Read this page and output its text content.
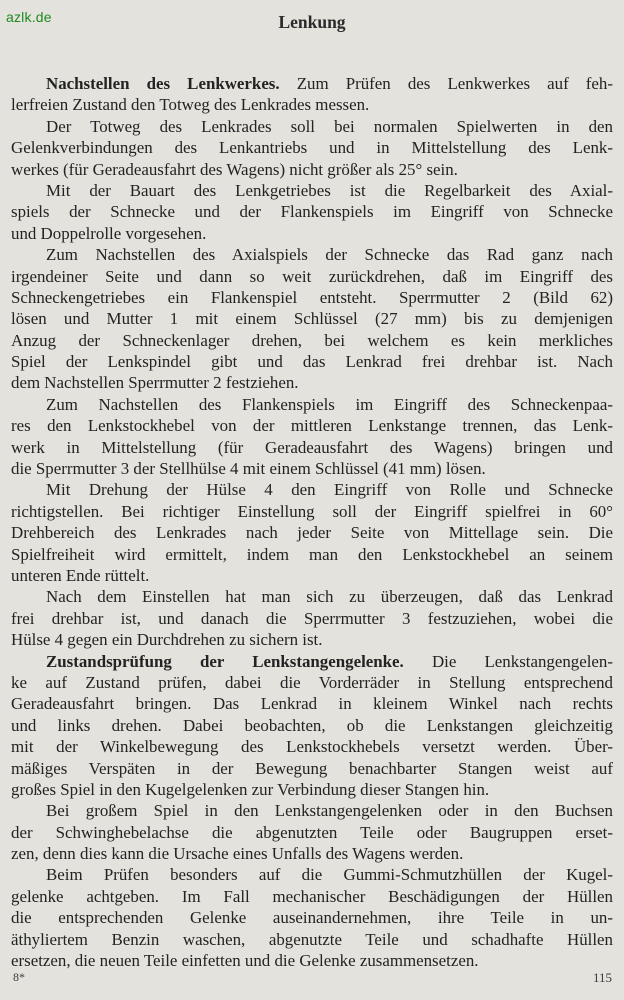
azlk.de	Lenkung
Nachstellen des Lenkwerkes. Zum Prüfen des Lenkwerkes auf feh-
lerfreien Zustand den Totweg des Lenkrades messen.
Der Totweg des Lenkrades soll bei normalen Spielwerten in den
Gelenkverbindungen des Lenkantriebs und in Mittelstellung des Lenk-
werkes (für Geradeausfahrt des Wagens) nicht größer als 25° sein.
Mit der Bauart des Lenkgetriebes ist die Regelbarkeit des Axial-
spiels der Schnecke und der Flankenspiels im Eingriff von Schnecke
und Doppelrolle vorgesehen.
Zum Nachstellen des Axialspiels der Schnecke das Rad ganz nach
irgendeiner Seite und dann so weit zurückdrehen, daß im Eingriff des
Schneckengetriebes ein Flankenspiel entsteht. Sperrmutter 2 (Bild 62)
lösen und Mutter 1 mit einem Schlüssel (27 mm) bis zu demjenigen
Anzug der Schneckenlager drehen, bei welchem es kein merkliches
Spiel der Lenkspindel gibt und das Lenkrad frei drehbar ist. Nach
dem Nachstellen Sperrmutter 2 festziehen.
Zum Nachstellen des Flankenspiels im Eingriff des Schneckenpaa-
res den Lenkstockhebel von der mittleren Lenkstange trennen, das Lenk-
werk in Mittelstellung (für Geradeausfahrt des Wagens) bringen und
die Sperrmutter 3 der Stellhülse 4 mit einem Schlüssel (41 mm) lösen.
Mit Drehung der Hülse 4 den Eingriff von Rolle und Schnecke
richtigstellen. Bei richtiger Einstellung soll der Eingriff spielfrei in 60°
Drehbereich des Lenkrades nach jeder Seite von Mittellage sein. Die
Spielfreiheit wird ermittelt, indem man den Lenkstockhebel an seinem
unteren Ende rüttelt.
Nach dem Einstellen hat man sich zu überzeugen, daß das Lenkrad
frei drehbar ist, und danach die Sperrmutter 3 festzuziehen, wobei die
Hülse 4 gegen ein Durchdrehen zu sichern ist.
Zustandsprüfung der Lenkstangengelenke. Die Lenkstangengelen-
ke auf Zustand prüfen, dabei die Vorderräder in Stellung entsprechend
Geradeausfahrt bringen. Das Lenkrad in kleinem Winkel nach rechts
und links drehen. Dabei beobachten, ob die Lenkstangen gleichzeitig
mit der Winkelbewegung des Lenkstockhebels versetzt werden. Über-
mäßiges Verspäten in der Bewegung benachbarter Stangen weist auf
großes Spiel in den Kugelgelenken zur Verbindung dieser Stangen hin.
Bei großem Spiel in den Lenkstangengelenken oder in den Buchsen
der Schwinghebelachse die abgenutzten Teile oder Baugruppen erset-
zen, denn dies kann die Ursache eines Unfalls des Wagens werden.
Beim Prüfen besonders auf die Gummi-Schmutzhüllen der Kugel-
gelenke achtgeben. Im Fall mechanischer Beschädigungen der Hüllen
die entsprechenden Gelenke auseinandernehmen, ihre Teile in un-
äthyliertem Benzin waschen, abgenutzte Teile und schadhafte Hüllen
ersetzen, die neuen Teile einfetten und die Gelenke zusammensetzen.
8*	115
